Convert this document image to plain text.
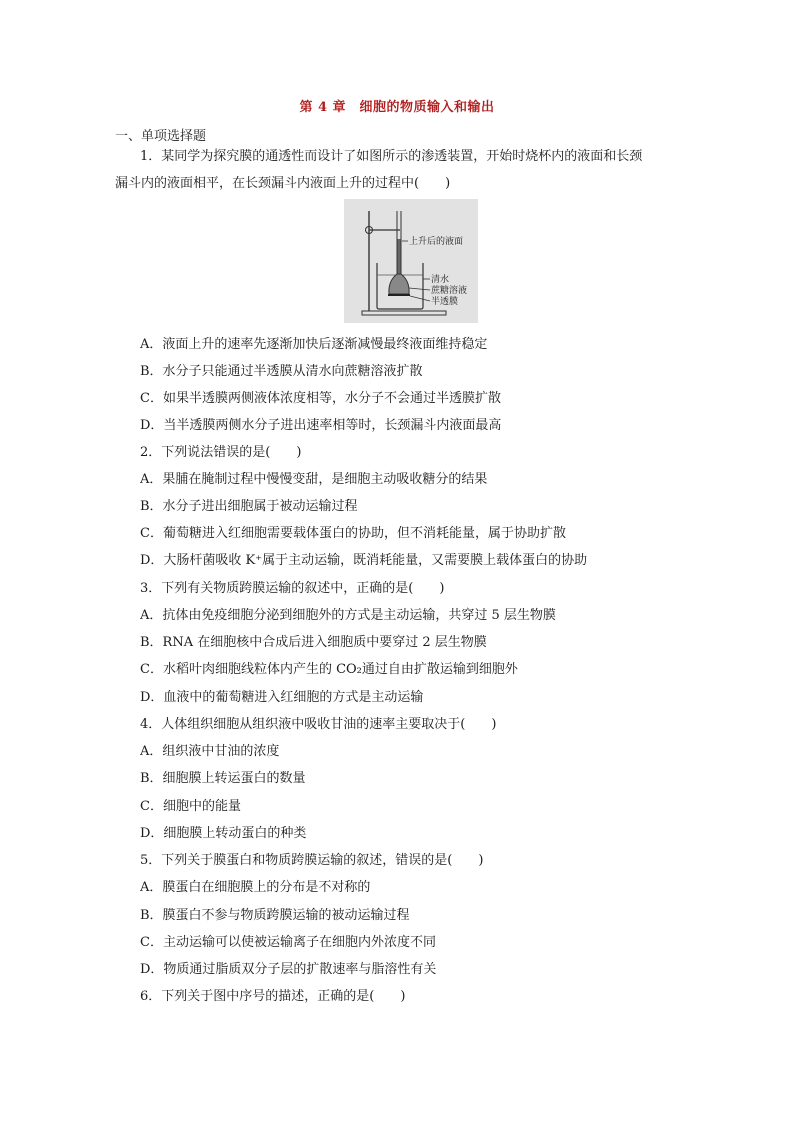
第 4 章　细胞的物质输入和输出
一、单项选择题
1．某同学为探究膜的通透性而设计了如图所示的渗透装置，开始时烧杯内的液面和长颈
漏斗内的液面相平，在长颈漏斗内液面上升的过程中(　　)
上升后的液面
清水
蔗糖溶液
半透膜
A．液面上升的速率先逐渐加快后逐渐减慢最终液面维持稳定
B．水分子只能通过半透膜从清水向蔗糖溶液扩散
C．如果半透膜两侧液体浓度相等，水分子不会通过半透膜扩散
D．当半透膜两侧水分子进出速率相等时，长颈漏斗内液面最高
2．下列说法错误的是(　　)
A．果脯在腌制过程中慢慢变甜，是细胞主动吸收糖分的结果
B．水分子进出细胞属于被动运输过程
C．葡萄糖进入红细胞需要载体蛋白的协助，但不消耗能量，属于协助扩散
D．大肠杆菌吸收 K⁺属于主动运输，既消耗能量，又需要膜上载体蛋白的协助
3．下列有关物质跨膜运输的叙述中，正确的是(　　)
A．抗体由免疫细胞分泌到细胞外的方式是主动运输，共穿过 5 层生物膜
B．RNA 在细胞核中合成后进入细胞质中要穿过 2 层生物膜
C．水稻叶肉细胞线粒体内产生的 CO₂通过自由扩散运输到细胞外
D．血液中的葡萄糖进入红细胞的方式是主动运输
4．人体组织细胞从组织液中吸收甘油的速率主要取决于(　　)
A．组织液中甘油的浓度
B．细胞膜上转运蛋白的数量
C．细胞中的能量
D．细胞膜上转动蛋白的种类
5．下列关于膜蛋白和物质跨膜运输的叙述，错误的是(　　)
A．膜蛋白在细胞膜上的分布是不对称的
B．膜蛋白不参与物质跨膜运输的被动运输过程
C．主动运输可以使被运输离子在细胞内外浓度不同
D．物质通过脂质双分子层的扩散速率与脂溶性有关
6．下列关于图中序号的描述，正确的是(　　)
